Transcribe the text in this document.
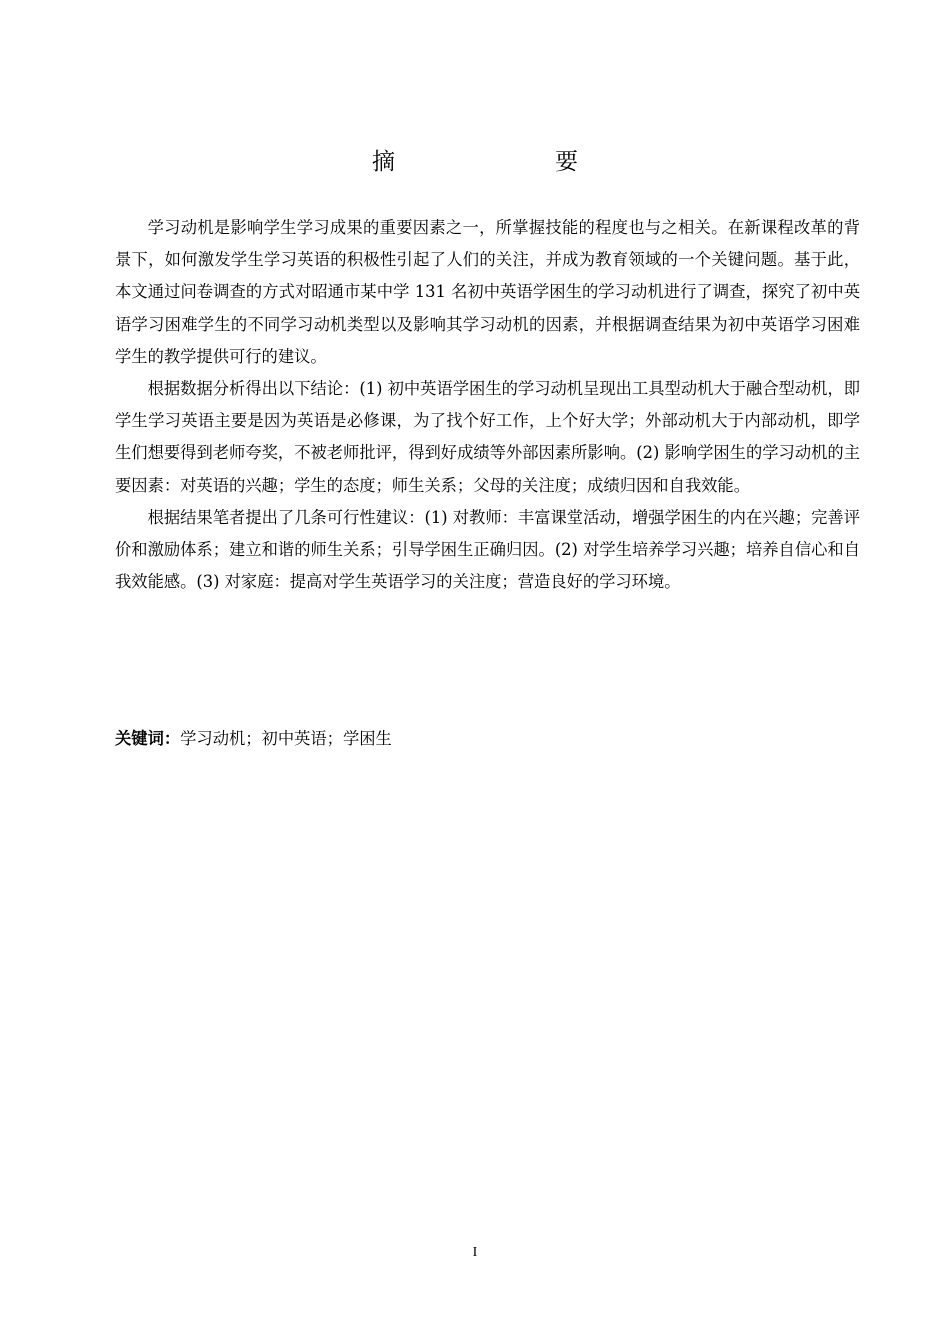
摘　　要

学习动机是影响学生学习成果的重要因素之一，所掌握技能的程度也与之相关。在新课程改革的背景下，如何激发学生学习英语的积极性引起了人们的关注，并成为教育领域的一个关键问题。基于此，本文通过问卷调查的方式对昭通市某中学 131 名初中英语学困生的学习动机进行了调查，探究了初中英语学习困难学生的不同学习动机类型以及影响其学习动机的因素，并根据调查结果为初中英语学习困难学生的教学提供可行的建议。

根据数据分析得出以下结论：(1) 初中英语学困生的学习动机呈现出工具型动机大于融合型动机，即学生学习英语主要是因为英语是必修课，为了找个好工作，上个好大学；外部动机大于内部动机，即学生们想要得到老师夸奖，不被老师批评，得到好成绩等外部因素所影响。(2) 影响学困生的学习动机的主要因素：对英语的兴趣；学生的态度；师生关系；父母的关注度；成绩归因和自我效能。

根据结果笔者提出了几条可行性建议：(1) 对教师：丰富课堂活动，增强学困生的内在兴趣；完善评价和激励体系；建立和谐的师生关系；引导学困生正确归因。(2) 对学生培养学习兴趣；培养自信心和自我效能感。(3) 对家庭：提高对学生英语学习的关注度；营造良好的学习环境。

关键词：学习动机；初中英语；学困生
I
